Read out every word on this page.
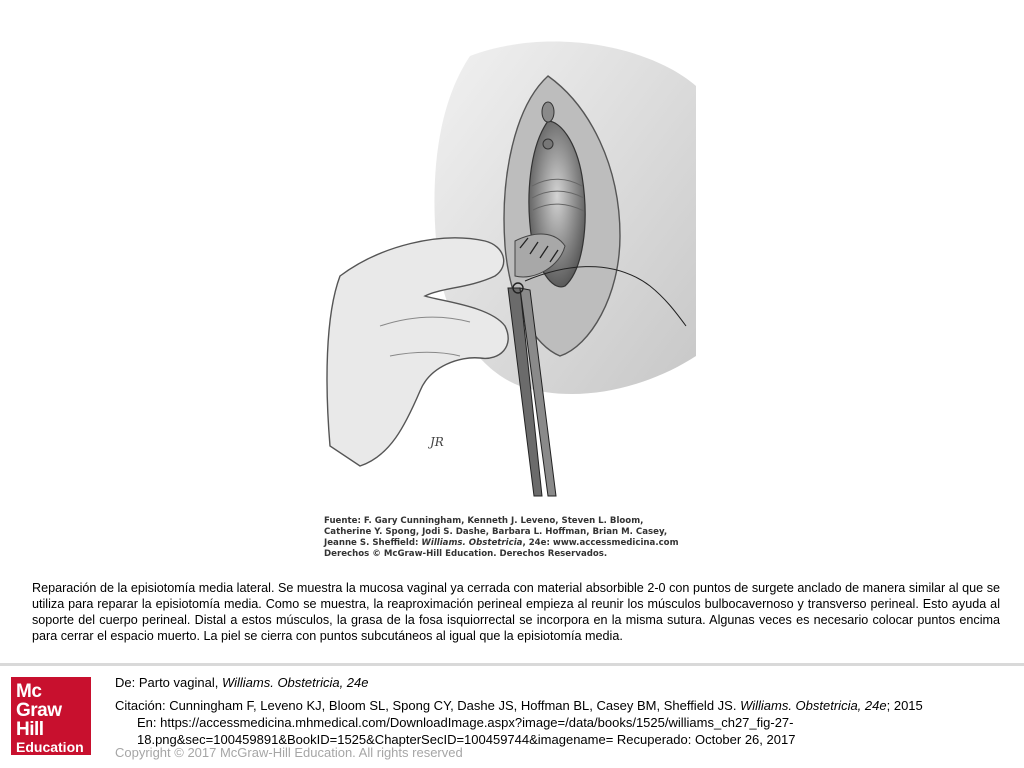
JR
Fuente: F. Gary Cunningham, Kenneth J. Leveno, Steven L. Bloom,
Catherine Y. Spong, Jodi S. Dashe, Barbara L. Hoffman, Brian M. Casey,
Jeanne S. Sheffield: Williams. Obstetricia, 24e: www.accessmedicina.com
Derechos © McGraw-Hill Education. Derechos Reservados.

Reparación de la episiotomía media lateral. Se muestra la mucosa vaginal ya cerrada con material absorbible 2-0 con puntos de surgete anclado de manera similar al que se utiliza para reparar la episiotomía media. Como se muestra, la reaproximación perineal empieza al reunir los músculos bulbocavernoso y transverso perineal. Esto ayuda al soporte del cuerpo perineal. Distal a estos músculos, la grasa de la fosa isquiorrectal se incorpora en la misma sutura. Algunas veces es necesario colocar puntos encima para cerrar el espacio muerto. La piel se cierra con puntos subcutáneos al igual que la episiotomía media.

Mc
Graw
Hill
Education
De: Parto vaginal, Williams. Obstetricia, 24e
Citación: Cunningham F, Leveno KJ, Bloom SL, Spong CY, Dashe JS, Hoffman BL, Casey BM, Sheffield JS. Williams. Obstetricia, 24e; 2015
En: https://accessmedicina.mhmedical.com/DownloadImage.aspx?image=/data/books/1525/williams_ch27_fig-27-
18.png&sec=100459891&BookID=1525&ChapterSecID=100459744&imagename= Recuperado: October 26, 2017
Copyright © 2017 McGraw-Hill Education. All rights reserved
